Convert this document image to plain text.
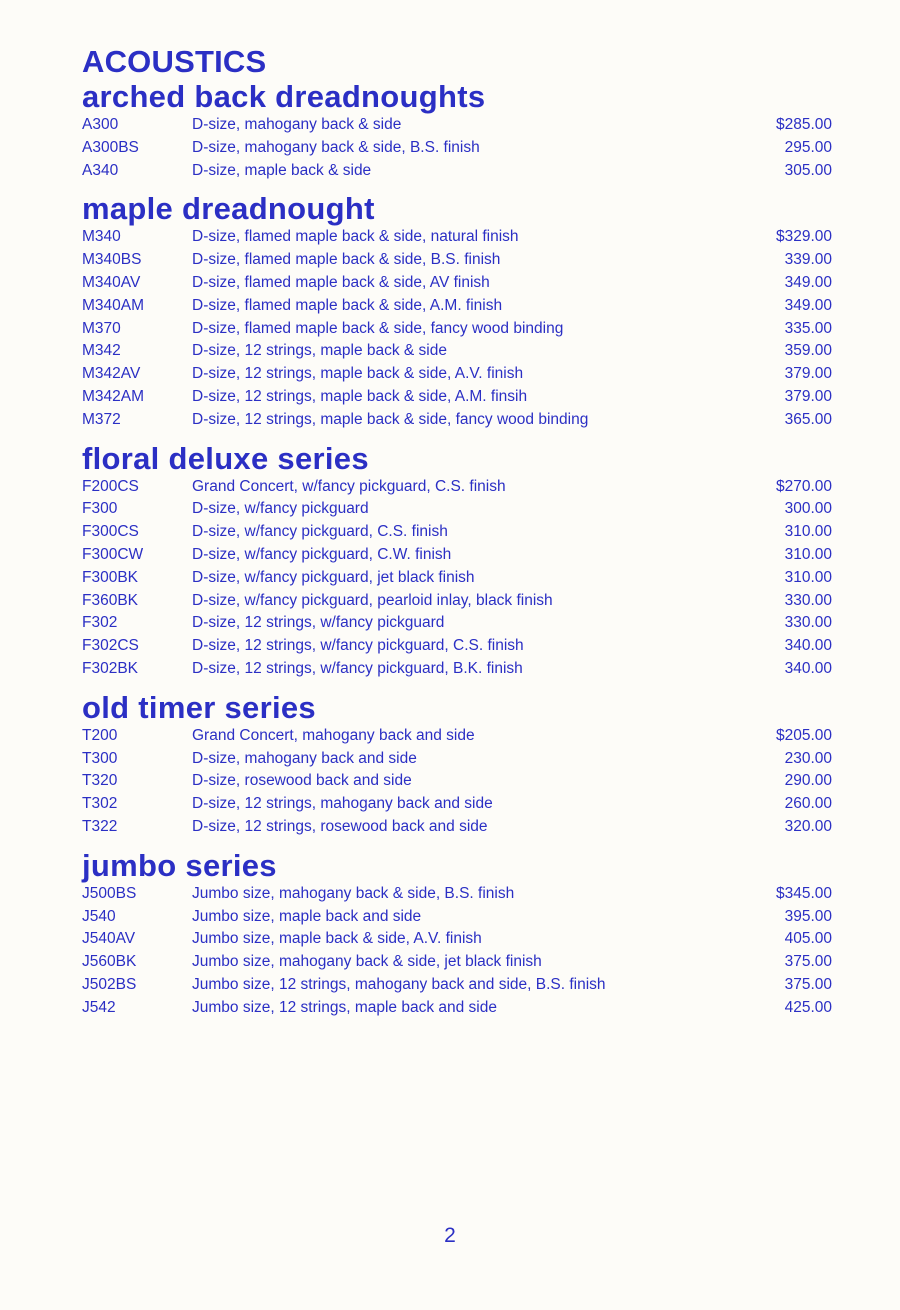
ACOUSTICS
arched back dreadnoughts
A300	D-size, mahogany back & side	$285.00
A300BS	D-size, mahogany back & side, B.S. finish	295.00
A340	D-size, maple back & side	305.00
maple dreadnought
M340	D-size, flamed maple back & side, natural finish	$329.00
M340BS	D-size, flamed maple back & side, B.S. finish	339.00
M340AV	D-size, flamed maple back & side, AV finish	349.00
M340AM	D-size, flamed maple back & side, A.M. finish	349.00
M370	D-size, flamed maple back & side, fancy wood binding	335.00
M342	D-size, 12 strings, maple back & side	359.00
M342AV	D-size, 12 strings, maple back & side, A.V. finish	379.00
M342AM	D-size, 12 strings, maple back & side, A.M. finsih	379.00
M372	D-size, 12 strings, maple back & side, fancy wood binding	365.00
floral deluxe series
F200CS	Grand Concert, w/fancy pickguard, C.S. finish	$270.00
F300	D-size, w/fancy pickguard	300.00
F300CS	D-size, w/fancy pickguard, C.S. finish	310.00
F300CW	D-size, w/fancy pickguard, C.W. finish	310.00
F300BK	D-size, w/fancy pickguard, jet black finish	310.00
F360BK	D-size, w/fancy pickguard, pearloid inlay, black finish	330.00
F302	D-size, 12 strings, w/fancy pickguard	330.00
F302CS	D-size, 12 strings, w/fancy pickguard, C.S. finish	340.00
F302BK	D-size, 12 strings, w/fancy pickguard, B.K. finish	340.00
old timer series
T200	Grand Concert, mahogany back and side	$205.00
T300	D-size, mahogany back and side	230.00
T320	D-size, rosewood back and side	290.00
T302	D-size, 12 strings, mahogany back and side	260.00
T322	D-size, 12 strings, rosewood back and side	320.00
jumbo series
J500BS	Jumbo size, mahogany back & side, B.S. finish	$345.00
J540	Jumbo size, maple back and side	395.00
J540AV	Jumbo size, maple back & side, A.V. finish	405.00
J560BK	Jumbo size, mahogany back & side, jet black finish	375.00
J502BS	Jumbo size, 12 strings, mahogany back and side, B.S. finish	375.00
J542	Jumbo size, 12 strings, maple back and side	425.00
2
